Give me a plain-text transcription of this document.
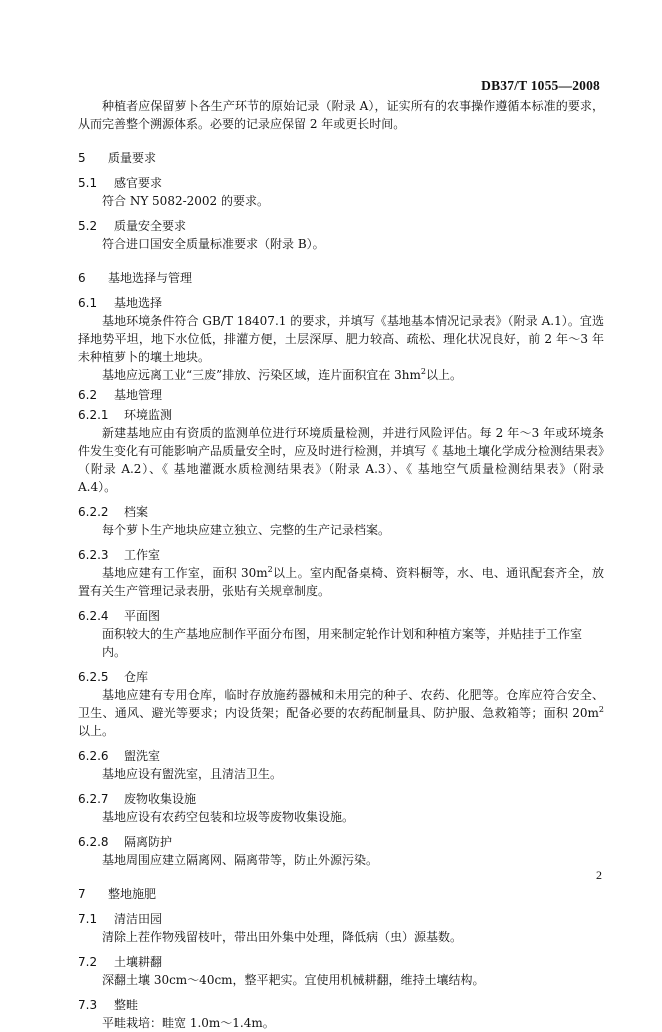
DB37/T 1055—2008

种植者应保留萝卜各生产环节的原始记录（附录 A），证实所有的农事操作遵循本标准的要求，从而完善整个溯源体系。必要的记录应保留 2 年或更长时间。

5 质量要求
5.1 感官要求

符合 NY 5082-2002 的要求。

5.2 质量安全要求

符合进口国安全质量标准要求（附录 B）。

6 基地选择与管理
6.1 基地选择

基地环境条件符合 GB/T 18407.1 的要求，并填写《基地基本情况记录表》（附录 A.1）。宜选择地势平坦，地下水位低，排灌方便，土层深厚、肥力较高、疏松、理化状况良好，前 2 年～3 年未种植萝卜的壤土地块。

基地应远离工业“三废”排放、污染区域，连片面积宜在 $3hm^2$以上。

6.2 基地管理
6.2.1 环境监测

新建基地应由有资质的监测单位进行环境质量检测，并进行风险评估。每 2 年～3 年或环境条件发生变化有可能影响产品质量安全时，应及时进行检测，并填写《 基地土壤化学成分检测结果表》（附录 A.2）、《 基地灌溉水质检测结果表》（附录 A.3）、《 基地空气质量检测结果表》（附录 A.4）。

6.2.2 档案

每个萝卜生产地块应建立独立、完整的生产记录档案。

6.2.3 工作室

基地应建有工作室，面积 $30m^2$以上。室内配备桌椅、资料橱等，水、电、通讯配套齐全，放置有关生产管理记录表册，张贴有关规章制度。

6.2.4 平面图

面积较大的生产基地应制作平面分布图，用来制定轮作计划和种植方案等，并贴挂于工作室内。

6.2.5 仓库

基地应建有专用仓库，临时存放施药器械和未用完的种子、农药、化肥等。仓库应符合安全、卫生、通风、避光等要求；内设货架；配备必要的农药配制量具、防护服、急救箱等；面积 $20m^2$以上。

6.2.6 盥洗室

基地应设有盥洗室，且清洁卫生。

6.2.7 废物收集设施

基地应设有农药空包装和垃圾等废物收集设施。

6.2.8 隔离防护

基地周围应建立隔离网、隔离带等，防止外源污染。

7 整地施肥
7.1 清洁田园

清除上茬作物残留枝叶，带出田外集中处理，降低病（虫）源基数。

7.2 土壤耕翻

深翻土壤 30cm～40cm，整平耙实。宜使用机械耕翻，维持土壤结构。

7.3 整畦

平畦栽培：畦宽 1.0m～1.4m。

2
